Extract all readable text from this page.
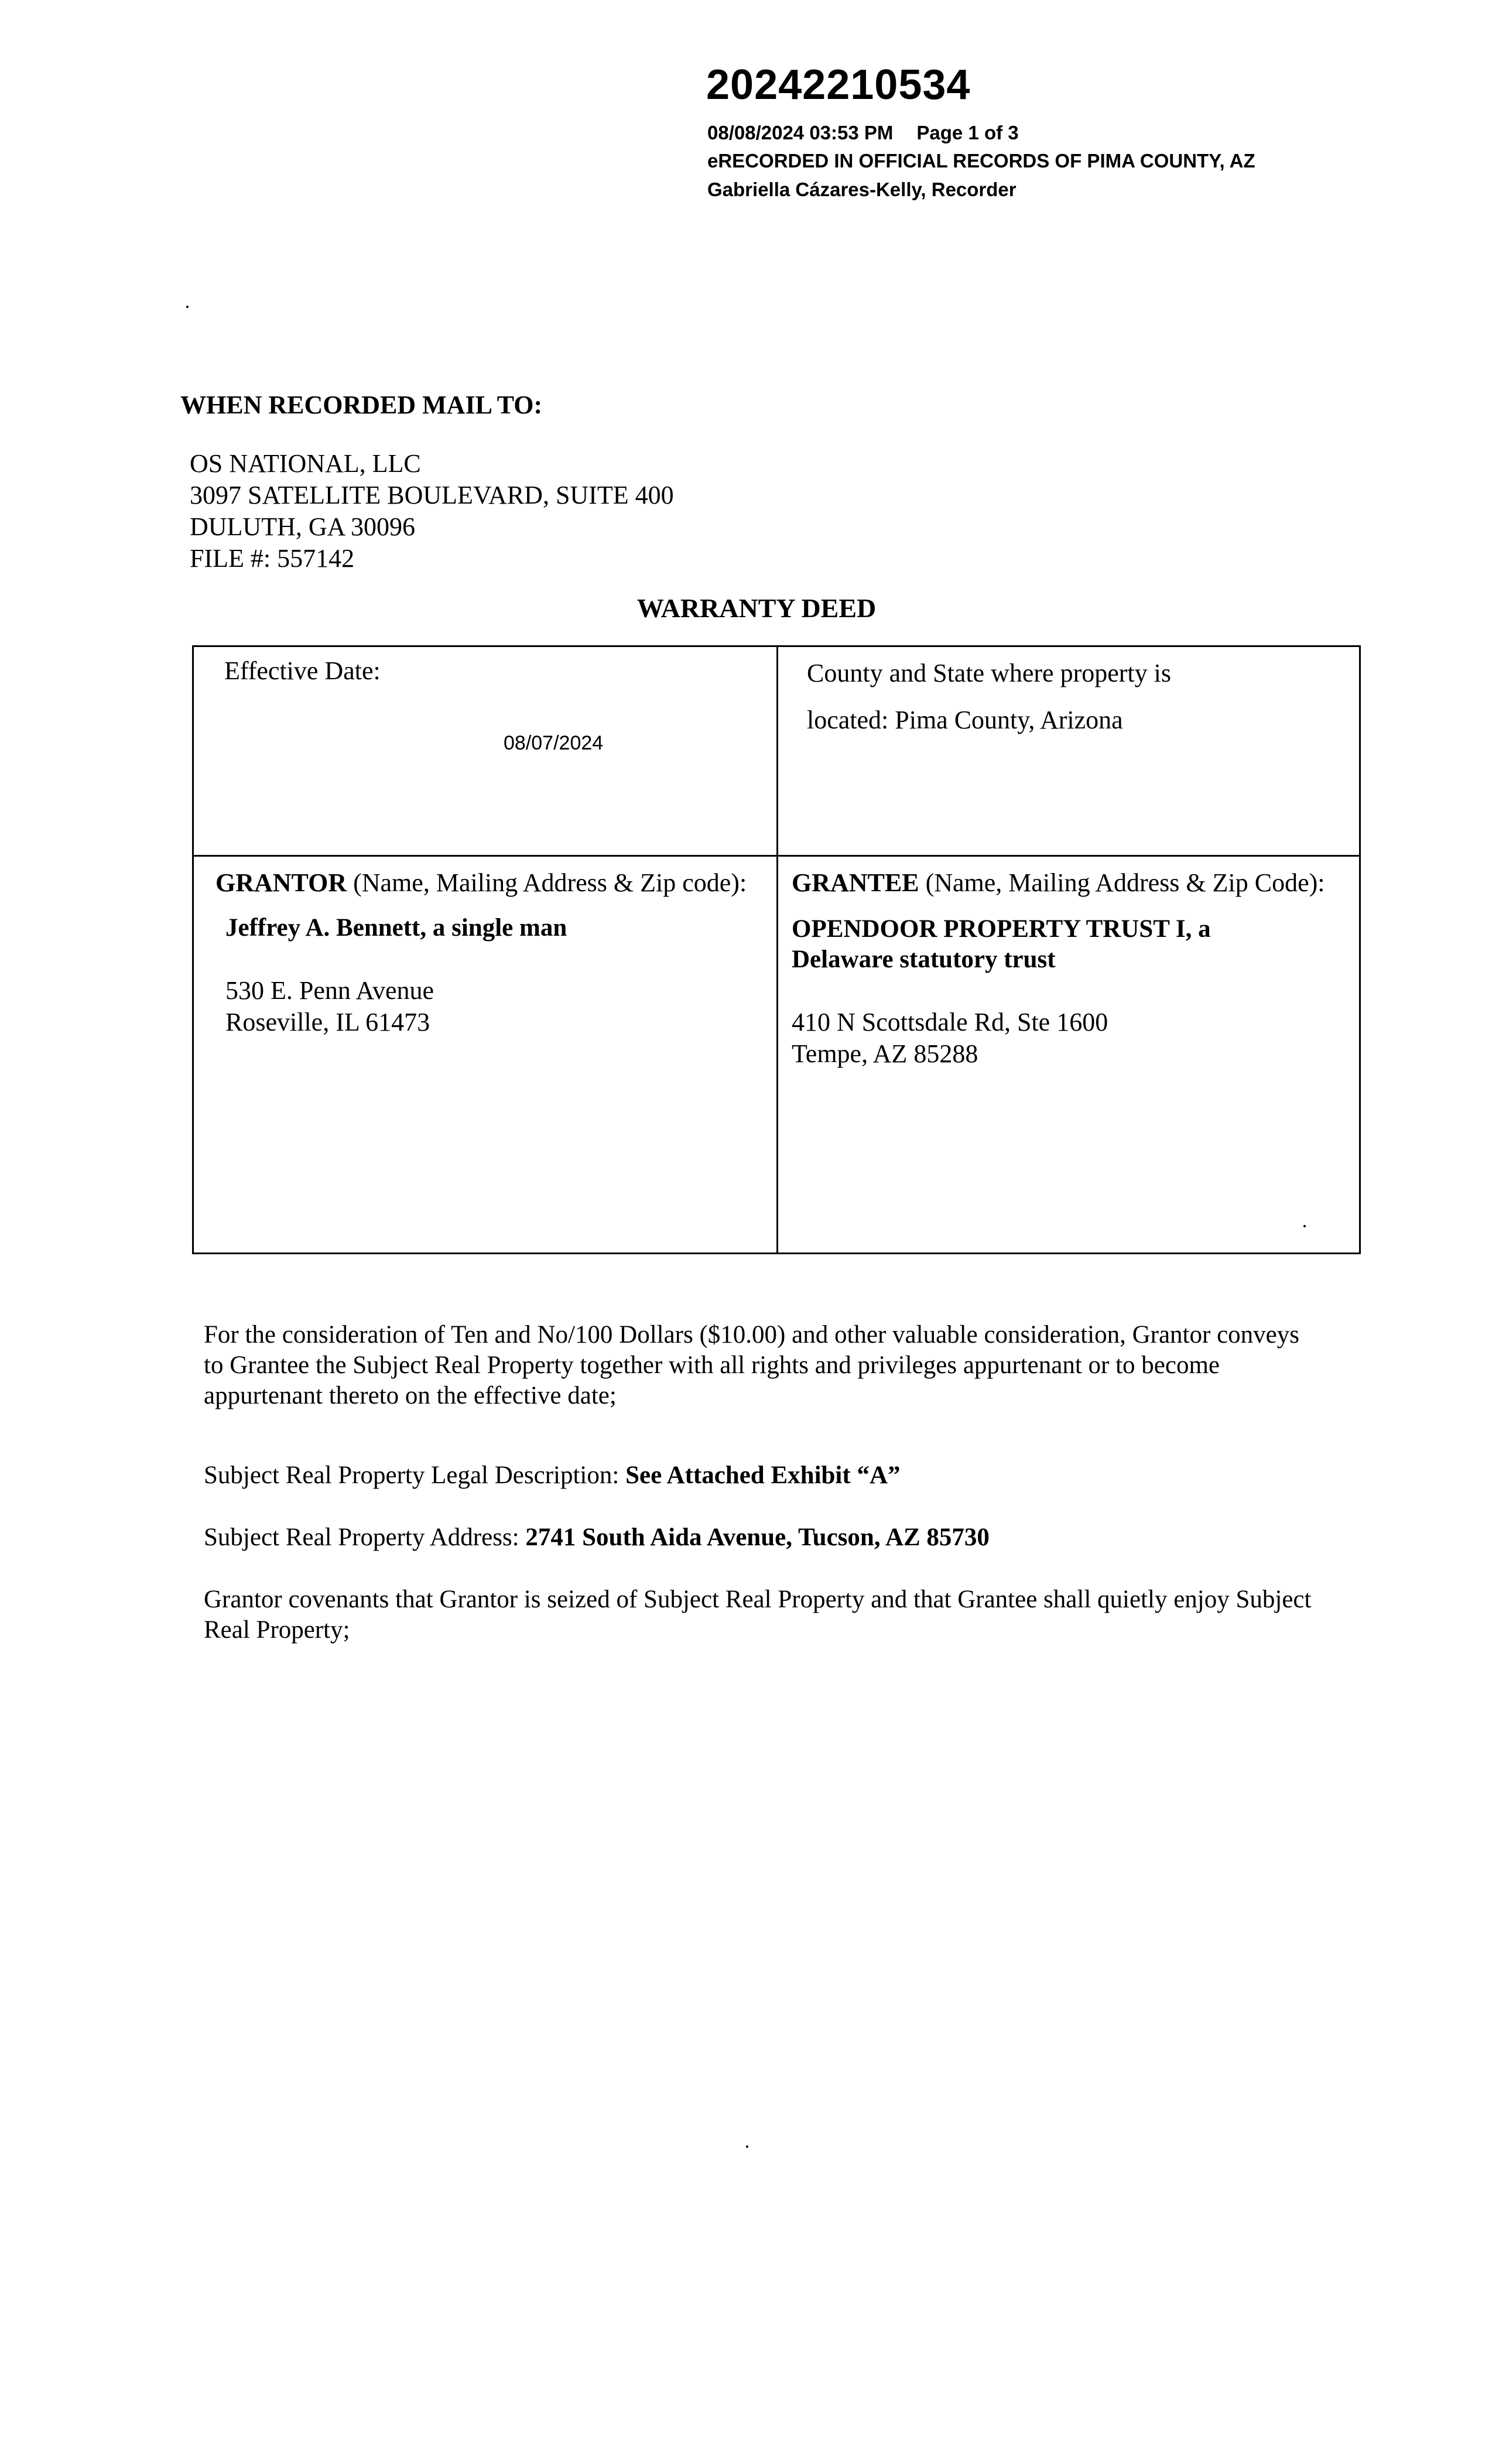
20242210534
08/08/2024 03:53 PM Page 1 of 3
eRECORDED IN OFFICIAL RECORDS OF PIMA COUNTY, AZ
Gabriella Cázares-Kelly, Recorder
WHEN RECORDED MAIL TO:
OS NATIONAL, LLC
3097 SATELLITE BOULEVARD, SUITE 400
DULUTH, GA 30096
FILE #: 557142
WARRANTY DEED
Effective Date:
08/07/2024
County and State where property is
located: Pima County, Arizona
GRANTOR (Name, Mailing Address & Zip code):
Jeffrey A. Bennett, a single man
530 E. Penn Avenue
Roseville, IL 61473
GRANTEE (Name, Mailing Address & Zip Code):
OPENDOOR PROPERTY TRUST I, a
Delaware statutory trust
410 N Scottsdale Rd, Ste 1600
Tempe, AZ 85288
For the consideration of Ten and No/100 Dollars ($10.00) and other valuable consideration, Grantor conveys to Grantee the Subject Real Property together with all rights and privileges appurtenant or to become appurtenant thereto on the effective date;
Subject Real Property Legal Description: See Attached Exhibit “A”
Subject Real Property Address: 2741 South Aida Avenue, Tucson, AZ 85730
Grantor covenants that Grantor is seized of Subject Real Property and that Grantee shall quietly enjoy Subject Real Property;
